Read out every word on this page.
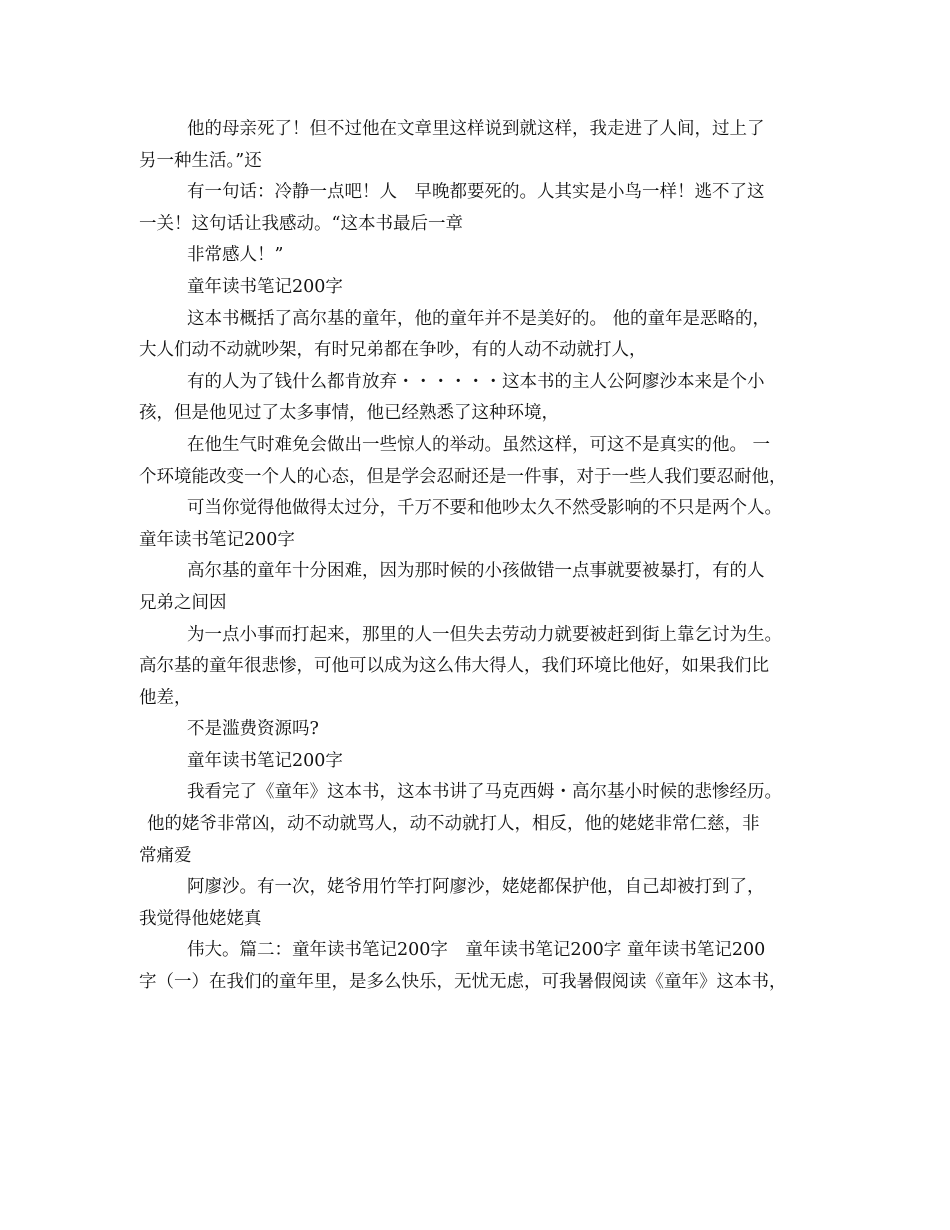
他的母亲死了！但不过他在文章里这样说到就这样，我走进了人间，过上了
另一种生活。”还
有一句话：冷静一点吧！人　早晚都要死的。人其实是小鸟一样！逃不了这
一关！这句话让我感动。“这本书最后一章
非常感人！”
童年读书笔记200字
这本书概括了高尔基的童年，他的童年并不是美好的。 他的童年是恶略的，
大人们动不动就吵架，有时兄弟都在争吵，有的人动不动就打人，
有的人为了钱什么都肯放弃・・・・・・这本书的主人公阿廖沙本来是个小
孩，但是他见过了太多事情，他已经熟悉了这种环境，
在他生气时难免会做出一些惊人的举动。虽然这样，可这不是真实的他。 一
个环境能改变一个人的心态，但是学会忍耐还是一件事，对于一些人我们要忍耐他，
可当你觉得他做得太过分，千万不要和他吵太久不然受影响的不只是两个人。
童年读书笔记200字
高尔基的童年十分困难，因为那时候的小孩做错一点事就要被暴打，有的人
兄弟之间因
为一点小事而打起来，那里的人一但失去劳动力就要被赶到街上靠乞讨为生。
高尔基的童年很悲惨，可他可以成为这么伟大得人，我们环境比他好，如果我们比
他差，
不是滥费资源吗?
童年读书笔记200字
我看完了《童年》这本书，这本书讲了马克西姆・高尔基小时候的悲惨经历。
他的姥爷非常凶，动不动就骂人，动不动就打人，相反，他的姥姥非常仁慈，非
常痛爱
阿廖沙。有一次，姥爷用竹竿打阿廖沙，姥姥都保护他，自己却被打到了，
我觉得他姥姥真
伟大。篇二：童年读书笔记200字　童年读书笔记200字 童年读书笔记200
字（一）在我们的童年里，是多么快乐，无忧无虑，可我暑假阅读《童年》这本书，
